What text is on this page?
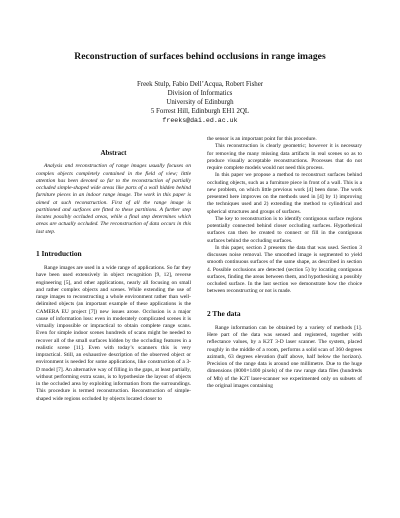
Reconstruction of surfaces behind occlusions in range images
Freek Stulp, Fabio Dell’Acqua, Robert Fisher
Division of Informatics
University of Edinburgh
5 Forrest Hill, Edinburgh EH1 2QL
freeks@dai.ed.ac.uk
Abstract

Analysis and reconstruction of range images usually focuses on complex objects completely contained in the field of view; little attention has been devoted so far to the reconstruction of partially occluded simple-shaped wide areas like parts of a wall hidden behind furniture pieces in an indoor range image. The work in this paper is aimed at such reconstruction. First of all the range image is partitioned and surfaces are fitted to these partitions. A further step locates possibly occluded areas, while a final step determines which areas are actually occluded. The reconstruction of data occurs in this last step.

1 Introduction

Range images are used in a wide range of applications. So far they have been used extensively in object recognition [9, 12], reverse engineering [5], and other applications, nearly all focusing on small and rather complex objects and scenes. While extending the use of range images to reconstructing a whole environment rather than well-delimited objects (an important example of these applications is the CAMERA EU project [7]) new issues arose. Occlusion is a major cause of information loss: even in moderately complicated scenes it is virtually impossible or impractical to obtain complete range scans. Even for simple indoor scenes hundreds of scans might be needed to recover all of the small surfaces hidden by the occluding features in a realistic scene [11]. Even with today’s scanners this is very impractical. Still, an exhaustive description of the observed object or environment is needed for some applications, like construction of a 3-D model [7]. An alternative way of filling in the gaps, at least partially, without performing extra scans, is to hypothesize the layout of objects in the occluded area by exploiting information from the surroundings. This procedure is termed reconstruction. Reconstruction of simple-shaped wide regions occluded by objects located closer to

the sensor is an important point for this procedure.

This reconstruction is clearly geometric; however it is necessary for removing the many missing data artifacts in real scenes so as to produce visually acceptable reconstructions. Processes that do not require complete models would not need this process.

In this paper we propose a method to reconstruct surfaces behind occluding objects, such as a furniture piece in front of a wall. This is a new problem, on which little previous work [4] been done. The work presented here improves on the methods used in [4] by 1) improving the techniques used and 2) extending the method to cylindrical and spherical structures and groups of surfaces.

The key to reconstruction is to identify contiguous surface regions potentially connected behind closer occluding surfaces. Hypothetical surfaces can then be created to connect or fill in the contiguous surfaces behind the occluding surfaces.

In this paper, section 2 presents the data that was used. Section 3 discusses noise removal. The smoothed image is segmented to yield smooth continuous surfaces of the same shape, as described in section 4. Possible occlusions are detected (section 5) by locating contiguous surfaces, finding the areas between them, and hypothesising a possibly occluded surface. In the last section we demonstrate how the choice between reconstructing or not is made.

2 The data

Range information can be obtained by a variety of methods [1]. Here part of the data was sensed and registered, together with reflectance values, by a K2T 3-D laser scanner. The system, placed roughly in the middle of a room, performs a solid scan of 360 degrees azimuth, 63 degrees elevation (half above, half below the horizon). Precision of the range data is around one millimetre. Due to the huge dimensions (8000×1400 pixels) of the raw range data files (hundreds of Mb) of the K2T laser-scanner we experimented only on subsets of the original images containing
